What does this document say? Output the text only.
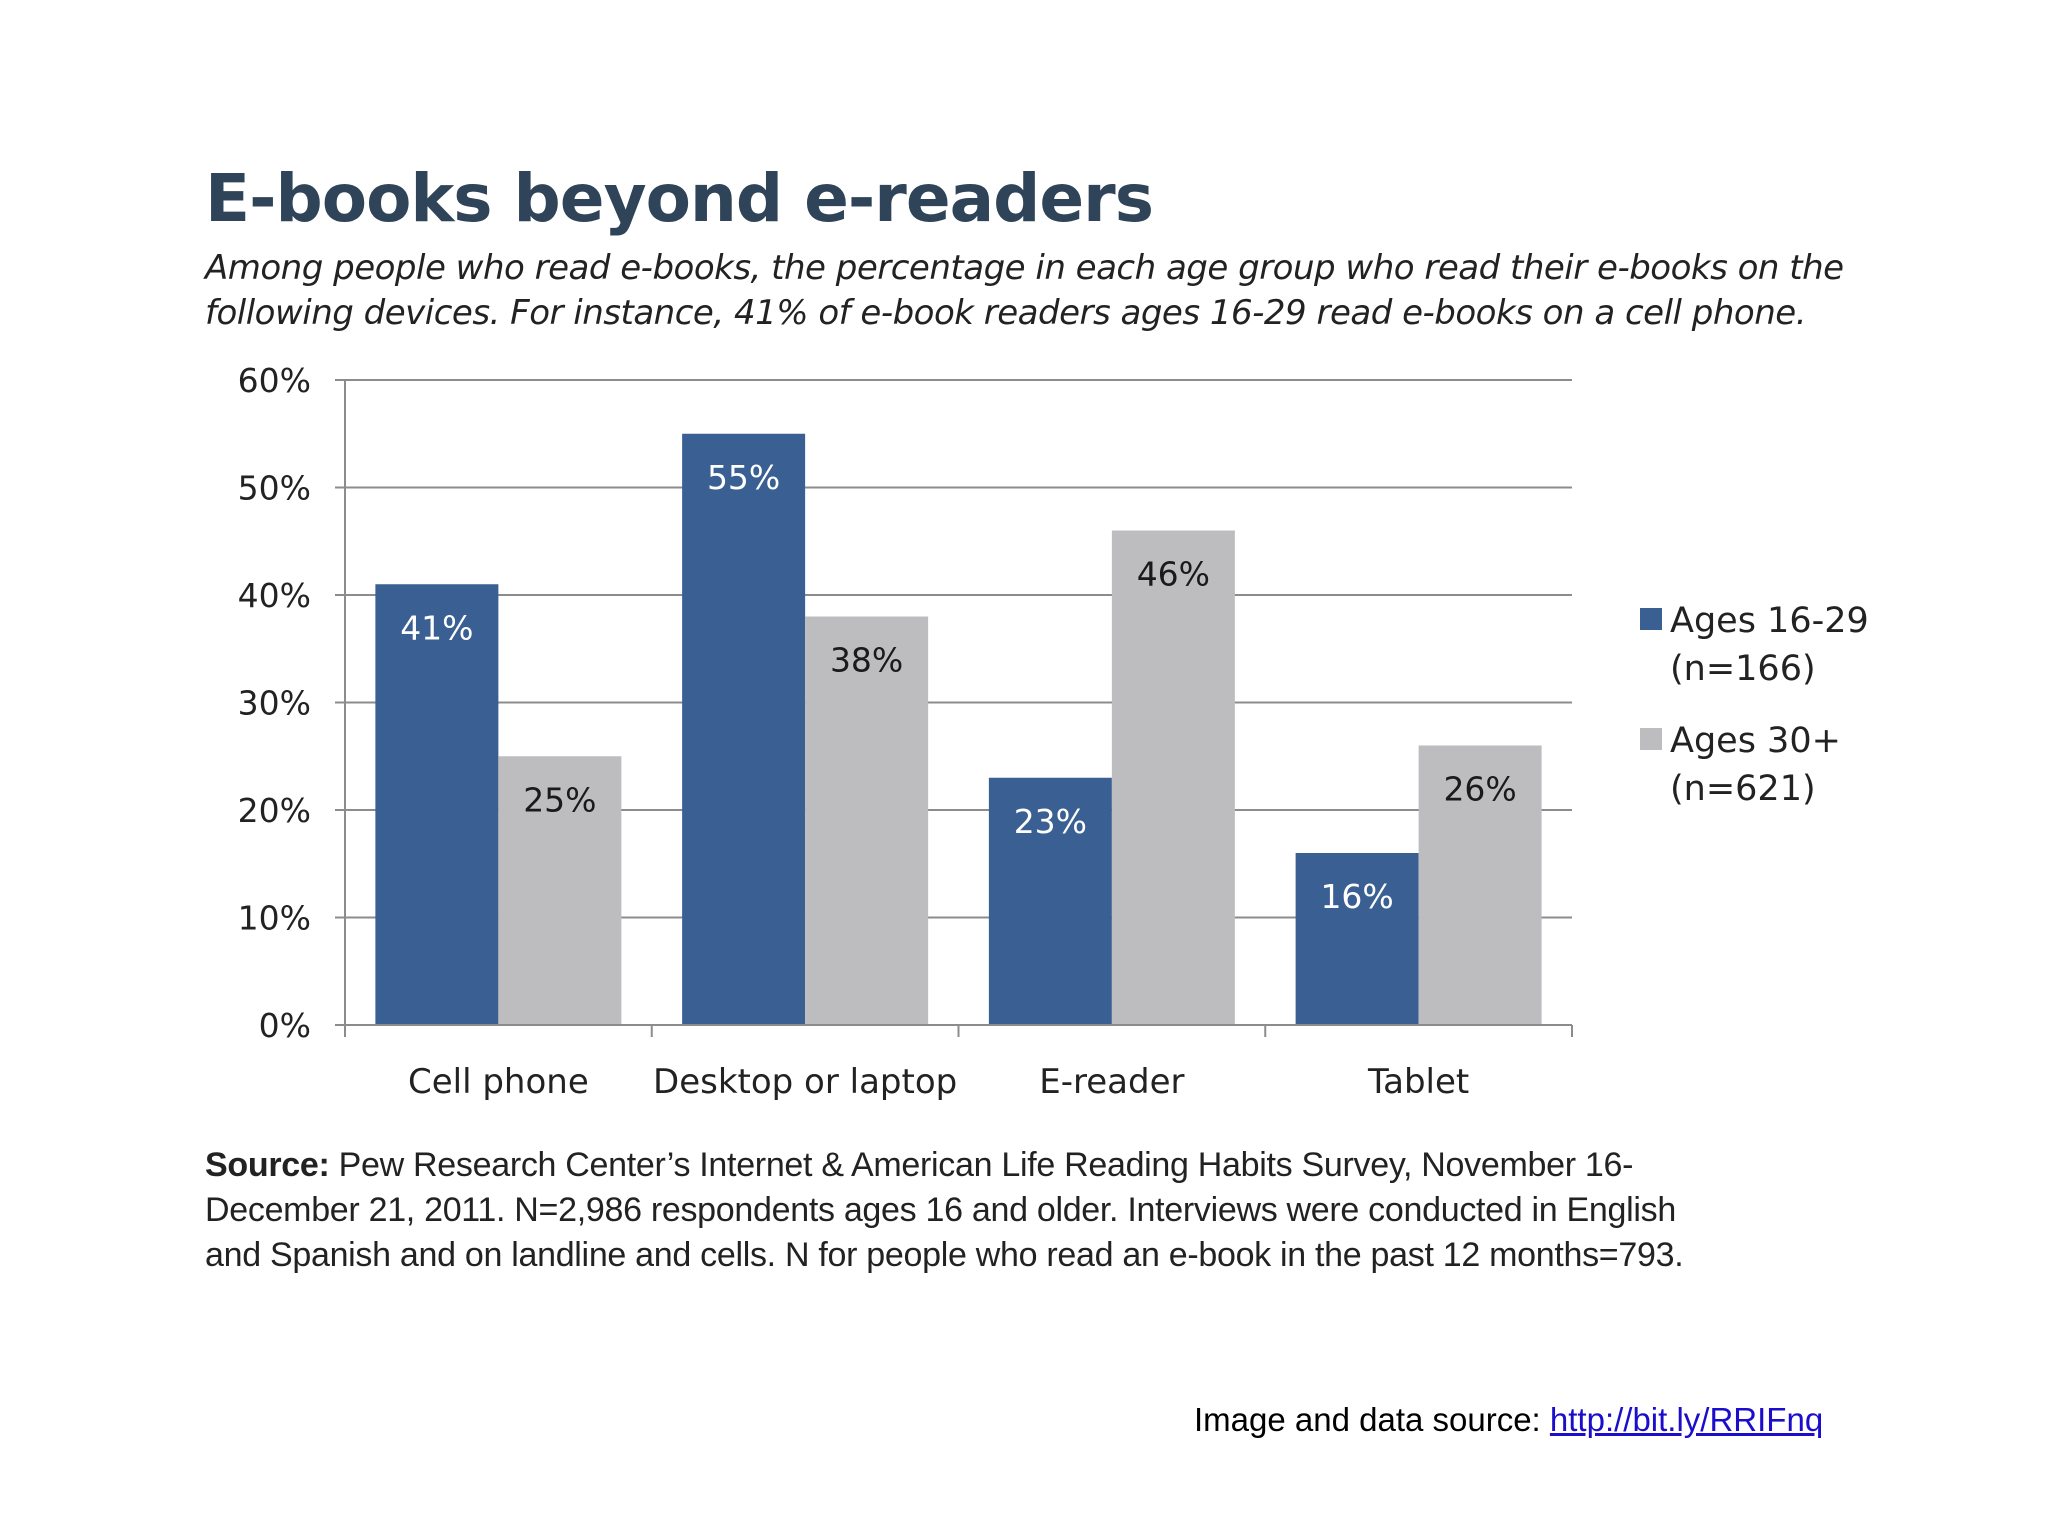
E-books beyond e-readers
Among people who read e-books, the percentage in each age group who read their e-books on the
following devices. For instance, 41% of e-book readers ages 16-29 read e-books on a cell phone.
0%
10%
20%
30%
40%
50%
60%
41%
25%
55%
38%
23%
46%
16%
26%
Cell phone Desktop or laptop E-reader	Tablet
Ages 16-29
(n=166)
Ages 30+
(n=621)
Source: Pew Research Center’s Internet & American Life Reading Habits Survey, November 16-
December 21, 2011. N=2,986 respondents ages 16 and older. Interviews were conducted in English
and Spanish and on landline and cells. N for people who read an e-book in the past 12 months=793.
Image and data source: http://bit.ly/RRIFnq
